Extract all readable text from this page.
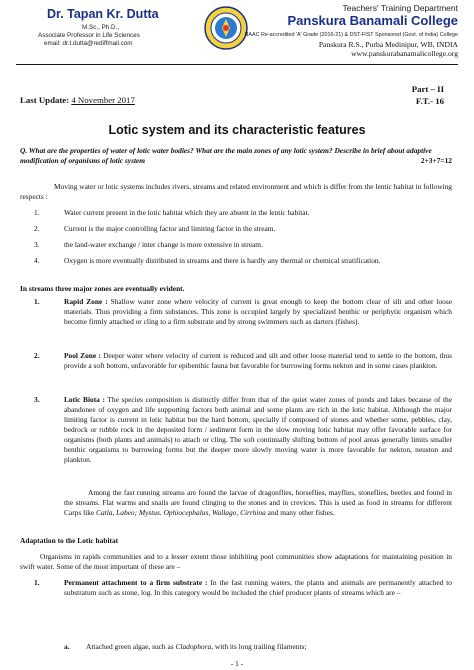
Dr. Tapan Kr. Dutta
M.Sc., Ph.D.,
Associate Professor in Life Sciences
email: dr.t.dutta@rediffmail.com
Teachers' Training Department
Panskura Banamali College
NAAC Re-accredited 'A' Grade (2016-21) & DST-FIST Sponsored (Govt. of India) College
Panskura R.S., Purba Medinipur, WB, INDIA
www.panskurabanamalicollege.org
Last Update: 4 November 2017
Part – II
F.T.- 16
Lotic system and its characteristic features
Q. What are the properties of water of lotic water bodies? What are the main zones of any lotic system? Describe in brief about adaptive modification of organisms of lotic system	2+3+7=12
Moving water or lotic systems includes rivers, streams and related environment and which is differ from the lentic habitat in following respects :
1.	Water current present in the lotic habitat which they are absent in the lentic habitat.
2.	Current is the major controlling factor and limiting factor in the stream.
3.	the land-water exchange / inter change is more extensive in stream.
4.	Oxygen is more eventually distributed in streams and there is hardly any thermal or chemical stratification.
In streams three major zones are eventually evident.
1.	Rapid Zone : Shallow water zone where velocity of current is great enough to keep the bottom clear of silt and other loose materials. Thus providing a firm substances. This zone is occupied largely by specialized benthic or periphytic organism which become firmly attached or cling to a firm substrate and by strong swimmers such as darters (fishes).
2.	Pool Zone : Deeper water where velocity of current is reduced and silt and other loose material tend to settle to the bottom, thus provide a soft bottom, unfavorable for epibenthic fauna but favorable for burrowing forms nekton and in some cases plankton.
3.	Lotic Biota : The species composition is distinctly differ from that of the quiet water zones of ponds and lakes because of the abandonee of oxygen and life supporting factors both animal and some plants are rich in the lotic habitat. Although the major limiting factor is current in lotic habitat but the hard bottom, specially if composed of stones and whether some, pebbles, clay, bedrock or rubble rock in the deposited form / sediment form in the slow moving lotic habitat may offer favorable surface for organisms (both plants and animals) to attach or cling. The soft continually shifting bottom of pool areas generally limits smaller benthic organisms to burrowing forms but the deeper more slowly moving water is more favorable for nekton, neuston and plankton.
Among the fast running streams are found the larvae of dragonflies, horseflies, mayflies, stoneflies, beetles and found in the streams. Flat warms and snails are found clinging to the stones and in crevices. This is used as food in streams for different Carps like Catla, Labeo; Mystus. Ophiocephalus, Wallago, Cirrhina and many other fishes.
Adaptation to the Lotic habitat
Organisms in rapids communities and to a lesser extent those inhibiting pool communities show adaptations for maintaining position in swift water. Some of the most important of these are –
1.	Permanent attachment to a firm substrate : In the fast running waters, the plants and animals are permanently attached to substratum such as stone, log. In this category would be included the chief producer plants of streams which are –
a. Attached green algae, such as Cladophora, with its long trailing filaments;
- 1 -
